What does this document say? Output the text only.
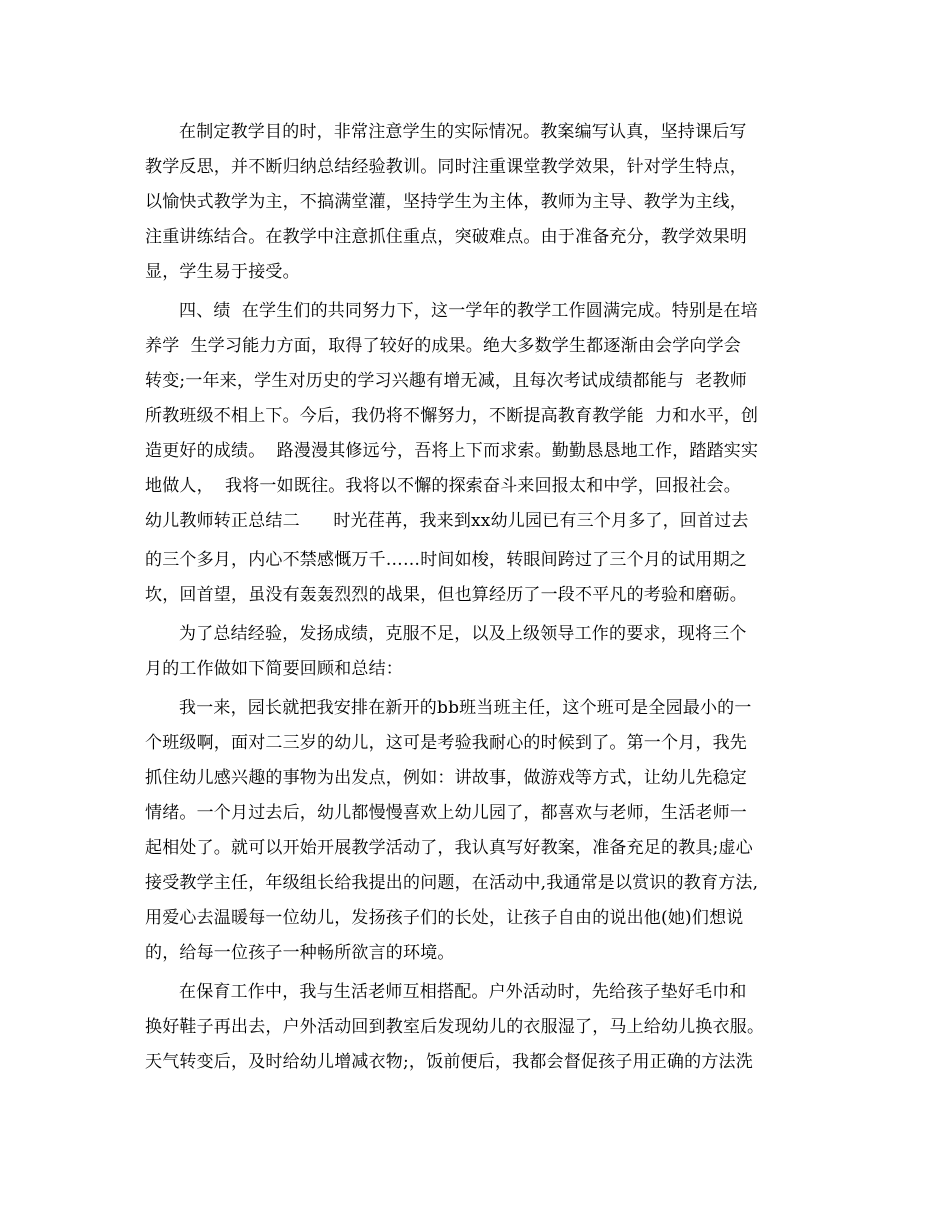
在制定教学目的时，非常注意学生的实际情况。教案编写认真，坚持课后写

教学反思，并不断归纳总结经验教训。同时注重课堂教学效果，针对学生特点，

以愉快式教学为主，不搞满堂灌，坚持学生为主体，教师为主导、教学为主线，

注重讲练结合。在教学中注意抓住重点，突破难点。由于准备充分，教学效果明

显，学生易于接受。

四、绩  在学生们的共同努力下，这一学年的教学工作圆满完成。特别是在培

养学  生学习能力方面，取得了较好的成果。绝大多数学生都逐渐由会学向学会

转变;一年来，学生对历史的学习兴趣有增无减，且每次考试成绩都能与  老教师

所教班级不相上下。今后，我仍将不懈努力，不断提高教育教学能  力和水平，创

造更好的成绩。  路漫漫其修远兮，吾将上下而求索。勤勤恳恳地工作，踏踏实实

地做人，  我将一如既往。我将以不懈的探索奋斗来回报太和中学，回报社会。

幼儿教师转正总结二      时光荏苒，我来到xx幼儿园已有三个月多了，回首过去

的三个多月，内心不禁感慨万千……时间如梭，转眼间跨过了三个月的试用期之

坎，回首望，虽没有轰轰烈烈的战果，但也算经历了一段不平凡的考验和磨砺。

为了总结经验，发扬成绩，克服不足，以及上级领导工作的要求，现将三个

月的工作做如下简要回顾和总结：

我一来，园长就把我安排在新开的bb班当班主任，这个班可是全园最小的一

个班级啊，面对二三岁的幼儿，这可是考验我耐心的时候到了。第一个月，我先

抓住幼儿感兴趣的事物为出发点，例如：讲故事，做游戏等方式，让幼儿先稳定

情绪。一个月过去后，幼儿都慢慢喜欢上幼儿园了，都喜欢与老师，生活老师一

起相处了。就可以开始开展教学活动了，我认真写好教案，准备充足的教具;虚心

接受教学主任，年级组长给我提出的问题，在活动中,我通常是以赏识的教育方法,

用爱心去温暖每一位幼儿，发扬孩子们的长处，让孩子自由的说出他(她)们想说

的，给每一位孩子一种畅所欲言的环境。

在保育工作中，我与生活老师互相搭配。户外活动时，先给孩子垫好毛巾和

换好鞋子再出去，户外活动回到教室后发现幼儿的衣服湿了，马上给幼儿换衣服。

天气转变后，及时给幼儿增减衣物;，饭前便后，我都会督促孩子用正确的方法洗
